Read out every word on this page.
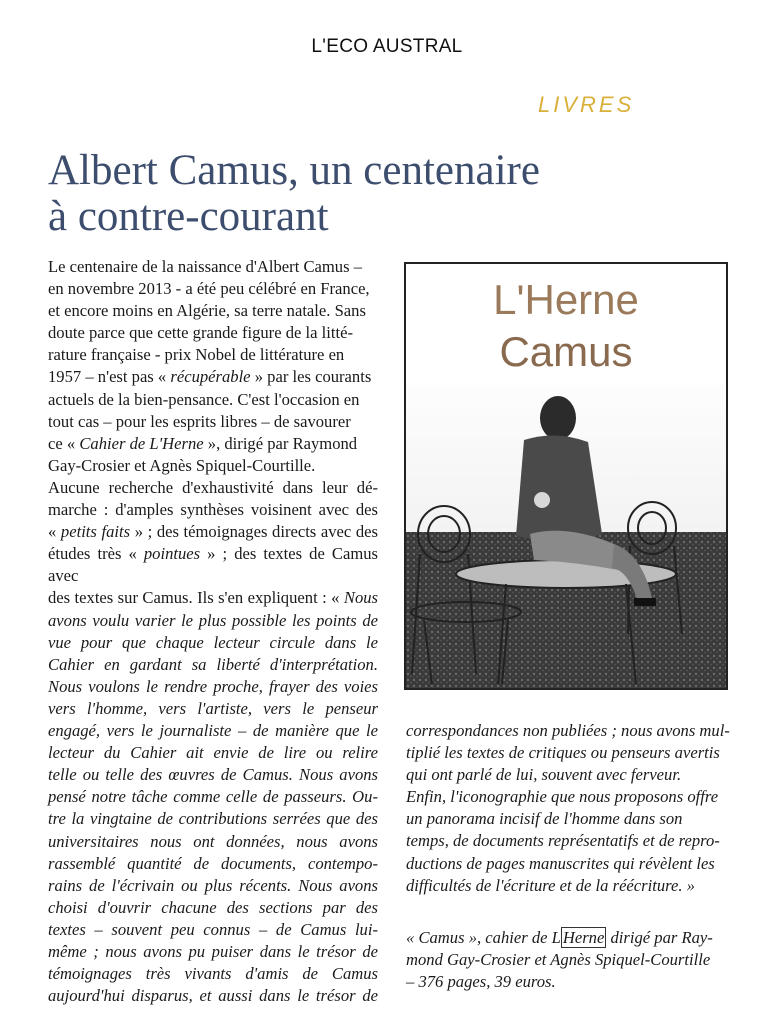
L'ECO AUSTRAL
LIVRES
Albert Camus, un centenaire
à contre-courant
Le centenaire de la naissance d'Albert Camus –
en novembre 2013 - a été peu célébré en France,
et encore moins en Algérie, sa terre natale. Sans
doute parce que cette grande figure de la litté-
rature française - prix Nobel de littérature en
1957 – n'est pas « récupérable » par les courants
actuels de la bien-pensance. C'est l'occasion en
tout cas – pour les esprits libres – de savourer
ce « Cahier de L'Herne », dirigé par Raymond
Gay-Crosier et Agnès Spiquel-Courtille.
Aucune recherche d'exhaustivité dans leur dé-
marche : d'amples synthèses voisinent avec des
« petits faits » ; des témoignages directs avec des
études très « pointues » ; des textes de Camus avec
des textes sur Camus. Ils s'en expliquent : « Nous
avons voulu varier le plus possible les points de
vue pour que chaque lecteur circule dans le
Cahier en gardant sa liberté d'interprétation.
Nous voulons le rendre proche, frayer des voies
vers l'homme, vers l'artiste, vers le penseur
engagé, vers le journaliste – de manière que le
lecteur du Cahier ait envie de lire ou relire
telle ou telle des œuvres de Camus. Nous avons
pensé notre tâche comme celle de passeurs. Ou-
tre la vingtaine de contributions serrées que des
universitaires nous ont données, nous avons
rassemblé quantité de documents, contempo-
rains de l'écrivain ou plus récents. Nous avons
choisi d'ouvrir chacune des sections par des
textes – souvent peu connus – de Camus lui-
même ; nous avons pu puiser dans le trésor de
témoignages très vivants d'amis de Camus
aujourd'hui disparus, et aussi dans le trésor de
L'Herne
Camus
correspondances non publiées ; nous avons mul-
tiplié les textes de critiques ou penseurs avertis
qui ont parlé de lui, souvent avec ferveur.
Enfin, l'iconographie que nous proposons offre
un panorama incisif de l'homme dans son
temps, de documents représentatifs et de repro-
ductions de pages manuscrites qui révèlent les
difficultés de l'écriture et de la réécriture. »
« Camus », cahier de L Herne dirigé par Ray-
mond Gay-Crosier et Agnès Spiquel-Courtille
– 376 pages, 39 euros.
